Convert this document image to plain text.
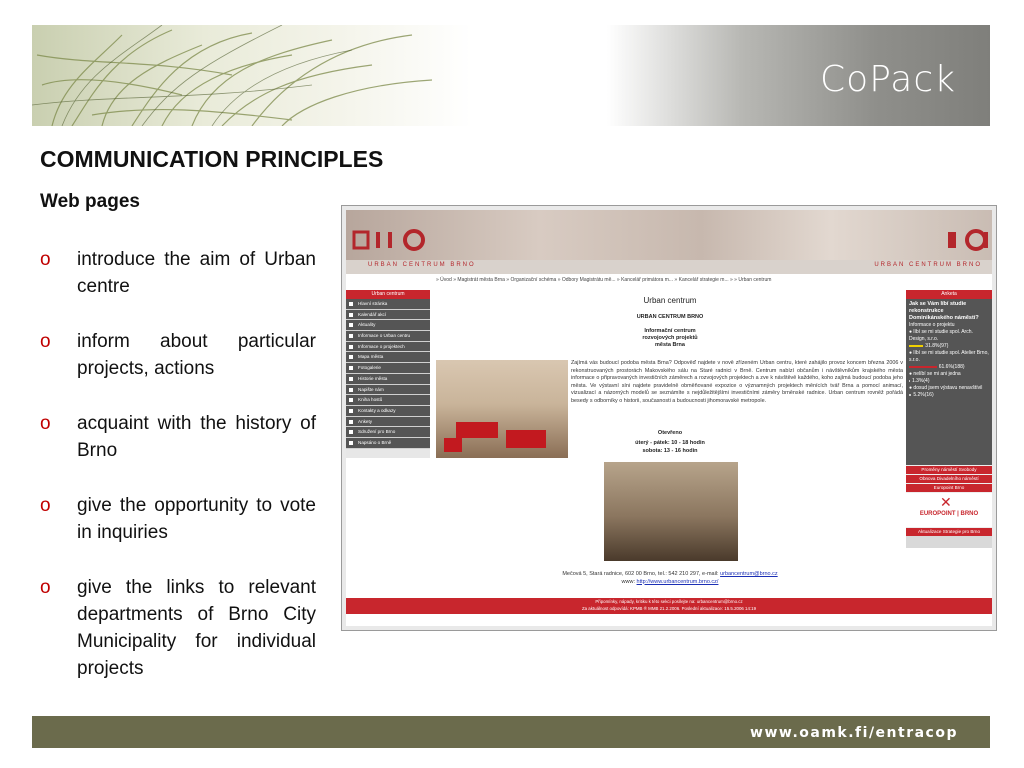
CoPack
COMMUNICATION PRINCIPLES
Web pages
o introduce the aim of Urban centre
o inform about particular projects, actions
o acquaint with the history of Brno
o give the opportunity to vote in inquiries
o give the links to relevant departments of Brno City Municipality for individual projects
URBAN CENTRUM BRNO	URBAN CENTRUM BRNO
» Úvod » Magistrát města Brna » Organizační schéma » Odbory Magistrátu mě... » Kancelář primátora m... » Kancelář strategie m... » » Urban centrum
Urban centrum
Hlavní stránka
Kalendář akcí
Aktuality
Informace o Urban centru
Informace o projektech
Mapa města
Fotogalerie
Historie města
Napište nám
Kniha hostů
Kontakty a odkazy
Ankety
Sdružení pro Brno
Napsáno o Brně
Urban centrum
URBAN CENTRUM BRNO
Informační centrum
rozvojových projektů
města Brna
Zajímá vás budoucí podoba města Brna? Odpověď najdete v nově zřízeném Urban centru, které zahájilo provoz koncem března 2006 v rekonstruovaných prostorách Makovského sálu na Staré radnici v Brně. Centrum nabízí občanům i návštěvníkům krajského města informace o připravovaných investičních záměrech a rozvojových projektech a zve k návštěvě každého, koho zajímá budoucí podoba jeho města. Ve výstavní síni najdete pravidelně obměňované expozice o významných projektech měnících tvář Brna a pomocí animací, vizualizací a názorných modelů se seznámíte s nejdůležitějšími investičními záměry brněnské radnice. Urban centrum rovněž pořádá besedy s odborníky o historii, současnosti a budoucnosti jihomoravské metropole.
Otevřeno
úterý - pátek: 10 - 18 hodin
sobota: 13 - 16 hodin
Mečová 5, Stará radnice, 602 00 Brno, tel.: 542 210 297, e-mail: urbancentrum@brno.cz
www: http://www.urbancentrum.brno.cz/
Anketa
Jak se Vám líbí studie rekonstrukce Dominikánského náměstí?
Informace o projektu
● líbí se mi studie spol. Arch. Design, s.r.o.
31.8%(97)
● líbí se mi studie spol. Atelier Brno, s.r.o.
61.6%(188)
● nelíbí se mi ani jedna
1.3%(4)
● dosud jsem výstavu nenavštívil
5.2%(16)
Proměny náměstí Svobody
Obnova Divadelního náměstí
Europoint Brno
✕
EUROPOINT | BRNO
Aktualizace Strategie pro Brno
Připomínky, nápady, kritiku k této sekci posílejte na: urbancentrum@brno.cz
Za aktuálnost odpovídá: KPMB ® MMB 21.2.2006. Poslední aktualizace: 15.5.2006 14:19
www.oamk.fi/entracop
